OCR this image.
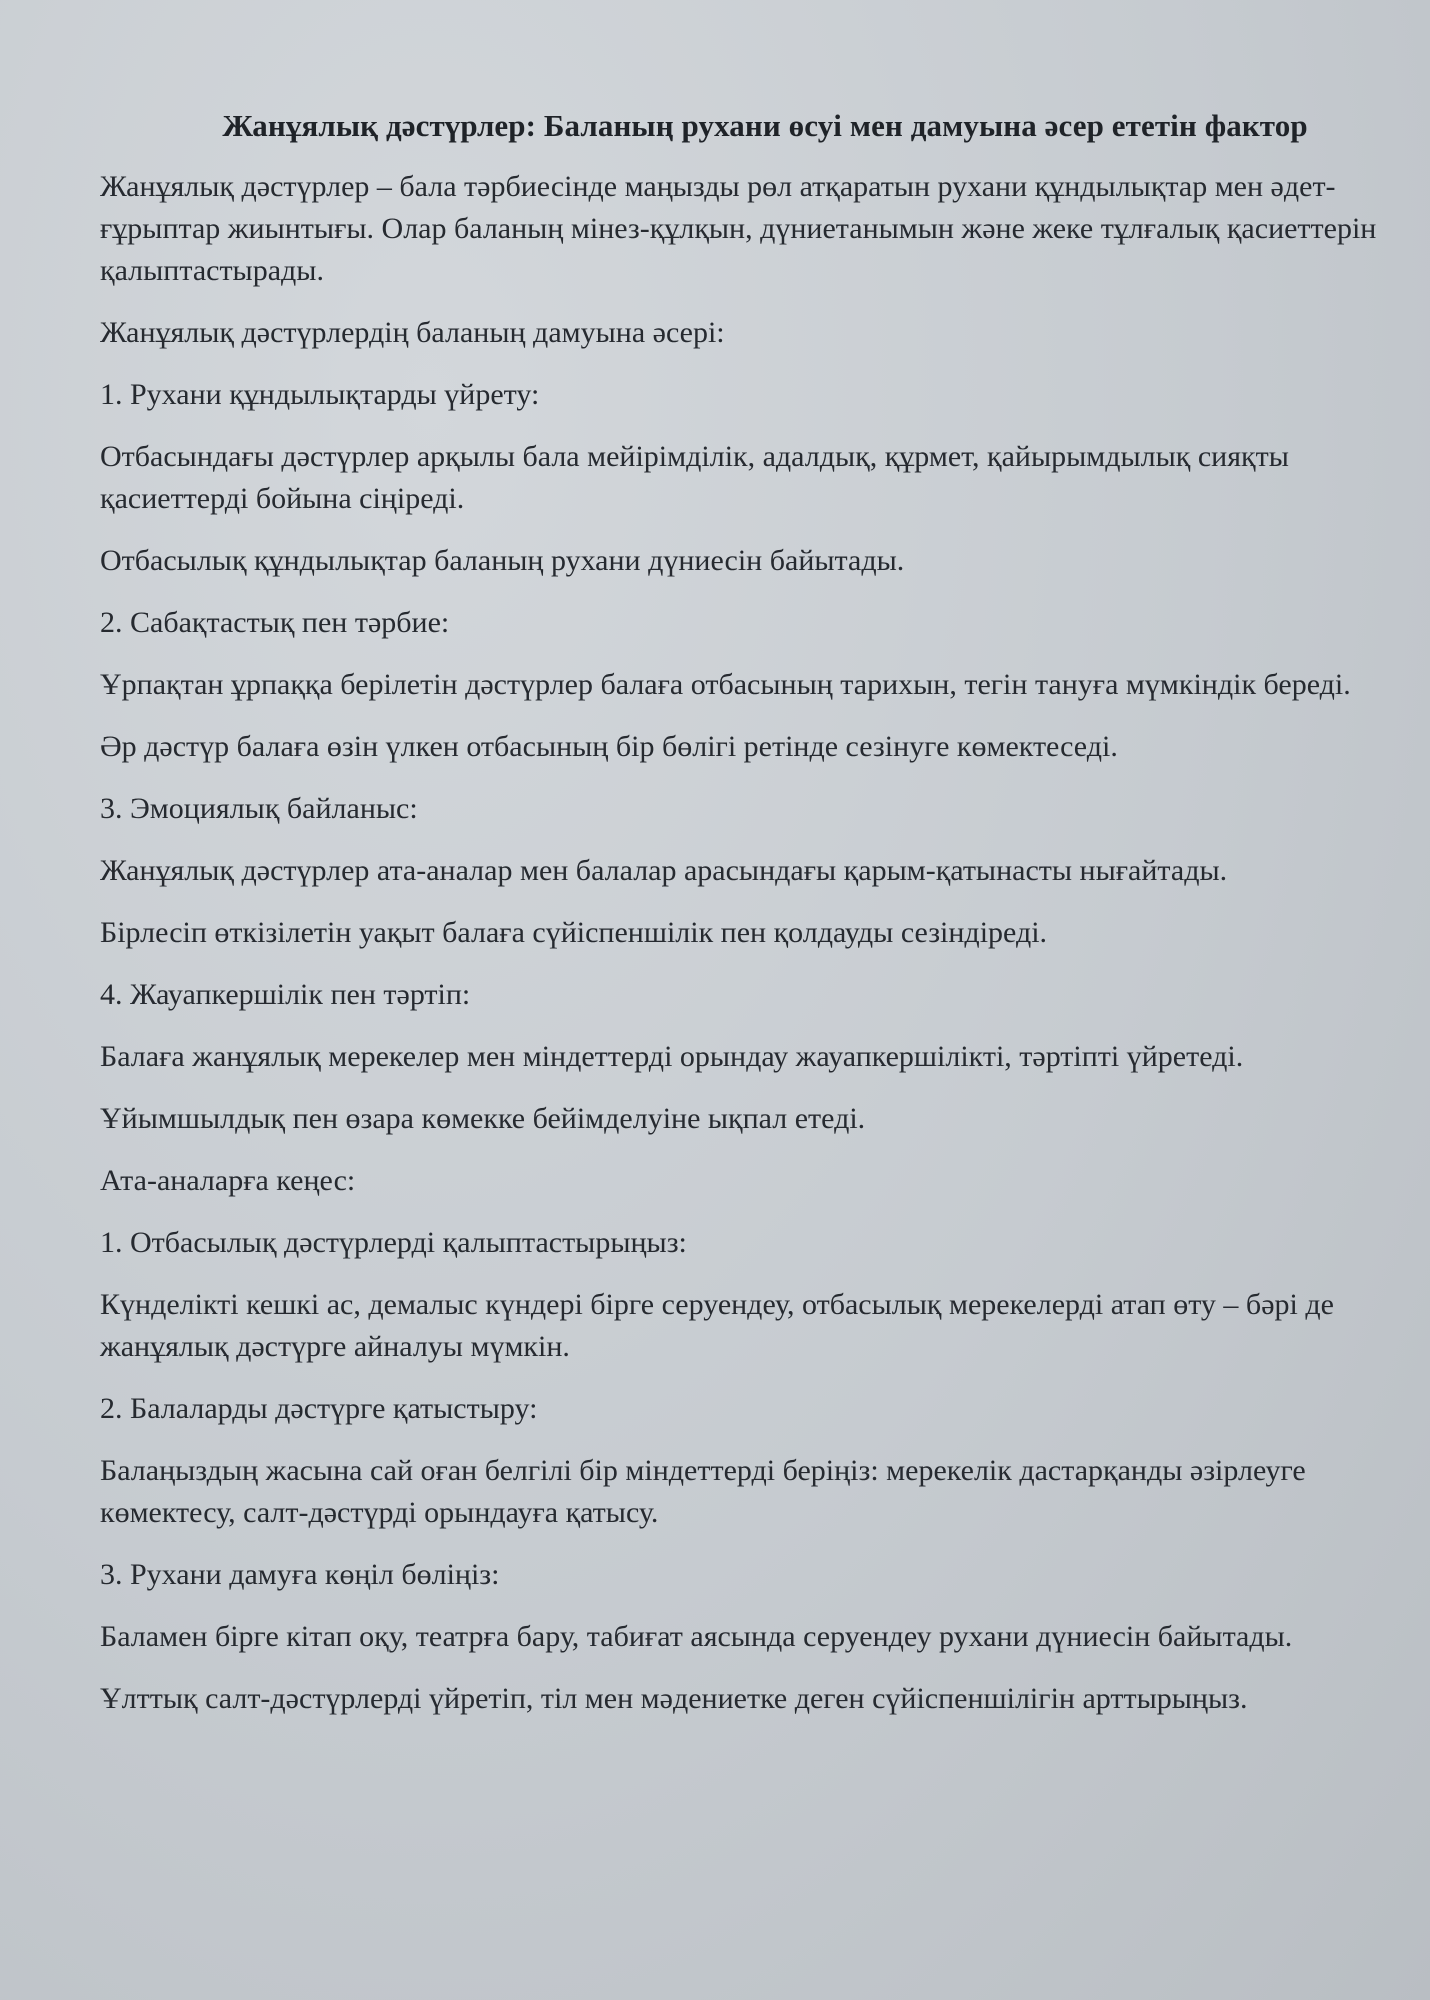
Жанұялық дәстүрлер: Баланың рухани өсуі мен дамуына әсер ететін фактор

Жанұялық дәстүрлер – бала тәрбиесінде маңызды рөл атқаратын рухани құндылықтар мен әдет-ғұрыптар жиынтығы. Олар баланың мінез-құлқын, дүниетанымын және жеке тұлғалық қасиеттерін қалыптастырады.

Жанұялық дәстүрлердің баланың дамуына әсері:

1. Рухани құндылықтарды үйрету:

Отбасындағы дәстүрлер арқылы бала мейірімділік, адалдық, құрмет, қайырымдылық сияқты қасиеттерді бойына сіңіреді.

Отбасылық құндылықтар баланың рухани дүниесін байытады.

2. Сабақтастық пен тәрбие:

Ұрпақтан ұрпаққа берілетін дәстүрлер балаға отбасының тарихын, тегін тануға мүмкіндік береді.

Әр дәстүр балаға өзін үлкен отбасының бір бөлігі ретінде сезінуге көмектеседі.

3. Эмоциялық байланыс:

Жанұялық дәстүрлер ата-аналар мен балалар арасындағы қарым-қатынасты нығайтады.

Бірлесіп өткізілетін уақыт балаға сүйіспеншілік пен қолдауды сезіндіреді.

4. Жауапкершілік пен тәртіп:

Балаға жанұялық мерекелер мен міндеттерді орындау жауапкершілікті, тәртіпті үйретеді.

Ұйымшылдық пен өзара көмекке бейімделуіне ықпал етеді.

Ата-аналарға кеңес:

1. Отбасылық дәстүрлерді қалыптастырыңыз:

Күнделікті кешкі ас, демалыс күндері бірге серуендеу, отбасылық мерекелерді атап өту – бәрі де жанұялық дәстүрге айналуы мүмкін.

2. Балаларды дәстүрге қатыстыру:

Балаңыздың жасына сай оған белгілі бір міндеттерді беріңіз: мерекелік дастарқанды әзірлеуге көмектесу, салт-дәстүрді орындауға қатысу.

3. Рухани дамуға көңіл бөліңіз:

Баламен бірге кітап оқу, театрға бару, табиғат аясында серуендеу рухани дүниесін байытады.

Ұлттық салт-дәстүрлерді үйретіп, тіл мен мәдениетке деген сүйіспеншілігін арттырыңыз.
